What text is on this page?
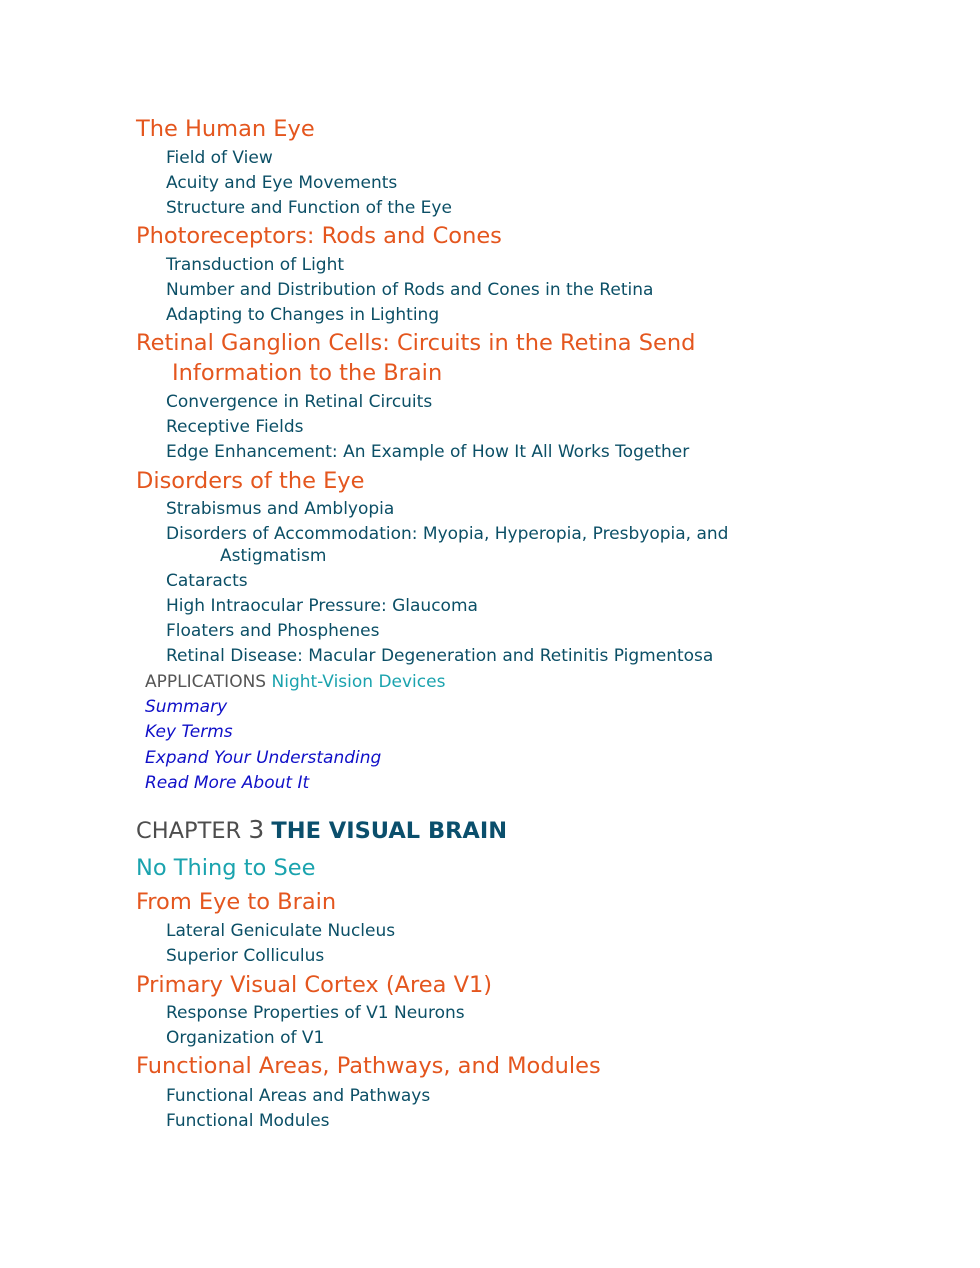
The Human Eye
Field of View
Acuity and Eye Movements
Structure and Function of the Eye
Photoreceptors: Rods and Cones
Transduction of Light
Number and Distribution of Rods and Cones in the Retina
Adapting to Changes in Lighting
Retinal Ganglion Cells: Circuits in the Retina Send
Information to the Brain
Convergence in Retinal Circuits
Receptive Fields
Edge Enhancement: An Example of How It All Works Together
Disorders of the Eye
Strabismus and Amblyopia
Disorders of Accommodation: Myopia, Hyperopia, Presbyopia, and
Astigmatism
Cataracts
High Intraocular Pressure: Glaucoma
Floaters and Phosphenes
Retinal Disease: Macular Degeneration and Retinitis Pigmentosa
APPLICATIONS Night-Vision Devices
Summary
Key Terms
Expand Your Understanding
Read More About It
CHAPTER 3 THE VISUAL BRAIN
No Thing to See
From Eye to Brain
Lateral Geniculate Nucleus
Superior Colliculus
Primary Visual Cortex (Area V1)
Response Properties of V1 Neurons
Organization of V1
Functional Areas, Pathways, and Modules
Functional Areas and Pathways
Functional Modules
